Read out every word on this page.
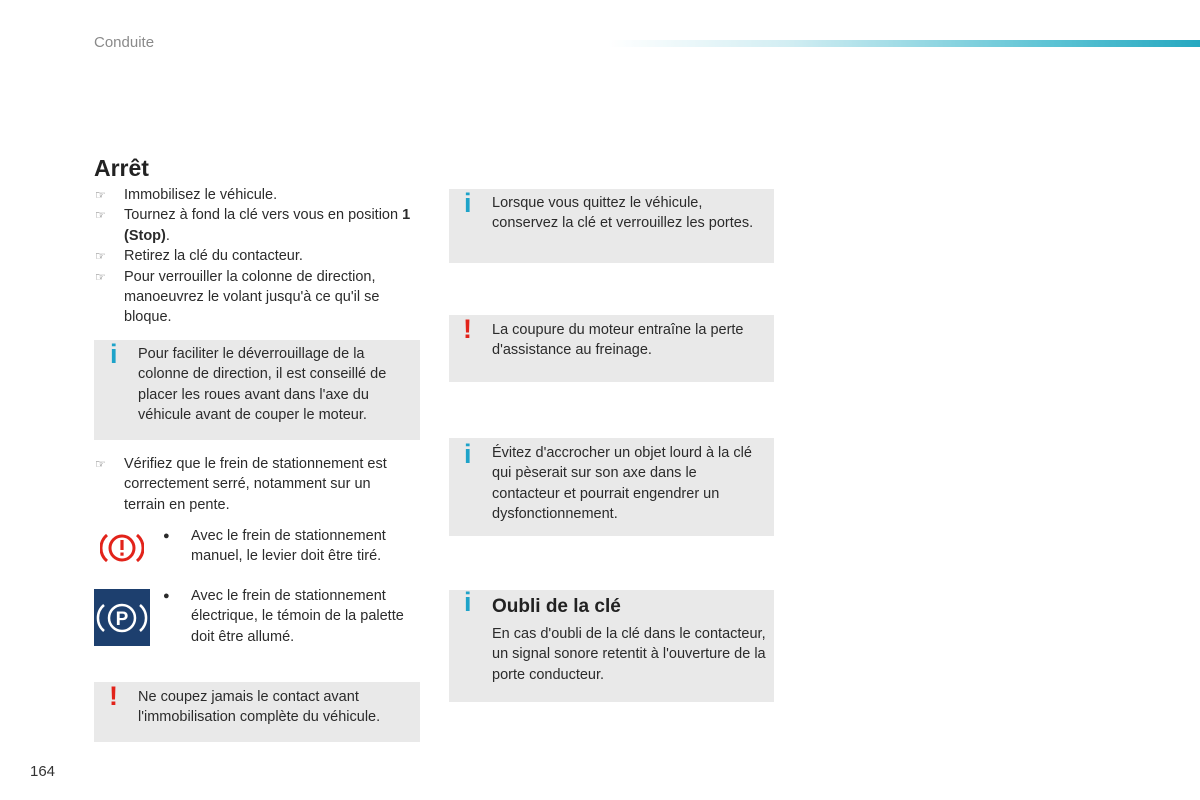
Conduite
Arrêt
☞ Immobilisez le véhicule.
☞ Tournez à fond la clé vers vous en position 1 (Stop).
☞ Retirez la clé du contacteur.
☞ Pour verrouiller la colonne de direction, manoeuvrez le volant jusqu'à ce qu'il se bloque.
i Pour faciliter le déverrouillage de la colonne de direction, il est conseillé de placer les roues avant dans l'axe du véhicule avant de couper le moteur.
☞ Vérifiez que le frein de stationnement est correctement serré, notamment sur un terrain en pente.
● Avec le frein de stationnement manuel, le levier doit être tiré.
P
● Avec le frein de stationnement électrique, le témoin de la palette doit être allumé.
! Ne coupez jamais le contact avant l'immobilisation complète du véhicule.
i Lorsque vous quittez le véhicule, conservez la clé et verrouillez les portes.
! La coupure du moteur entraîne la perte d'assistance au freinage.
i Évitez d'accrocher un objet lourd à la clé qui pèserait sur son axe dans le contacteur et pourrait engendrer un dysfonctionnement.
i Oubli de la clé
En cas d'oubli de la clé dans le contacteur, un signal sonore retentit à l'ouverture de la porte conducteur.
164
